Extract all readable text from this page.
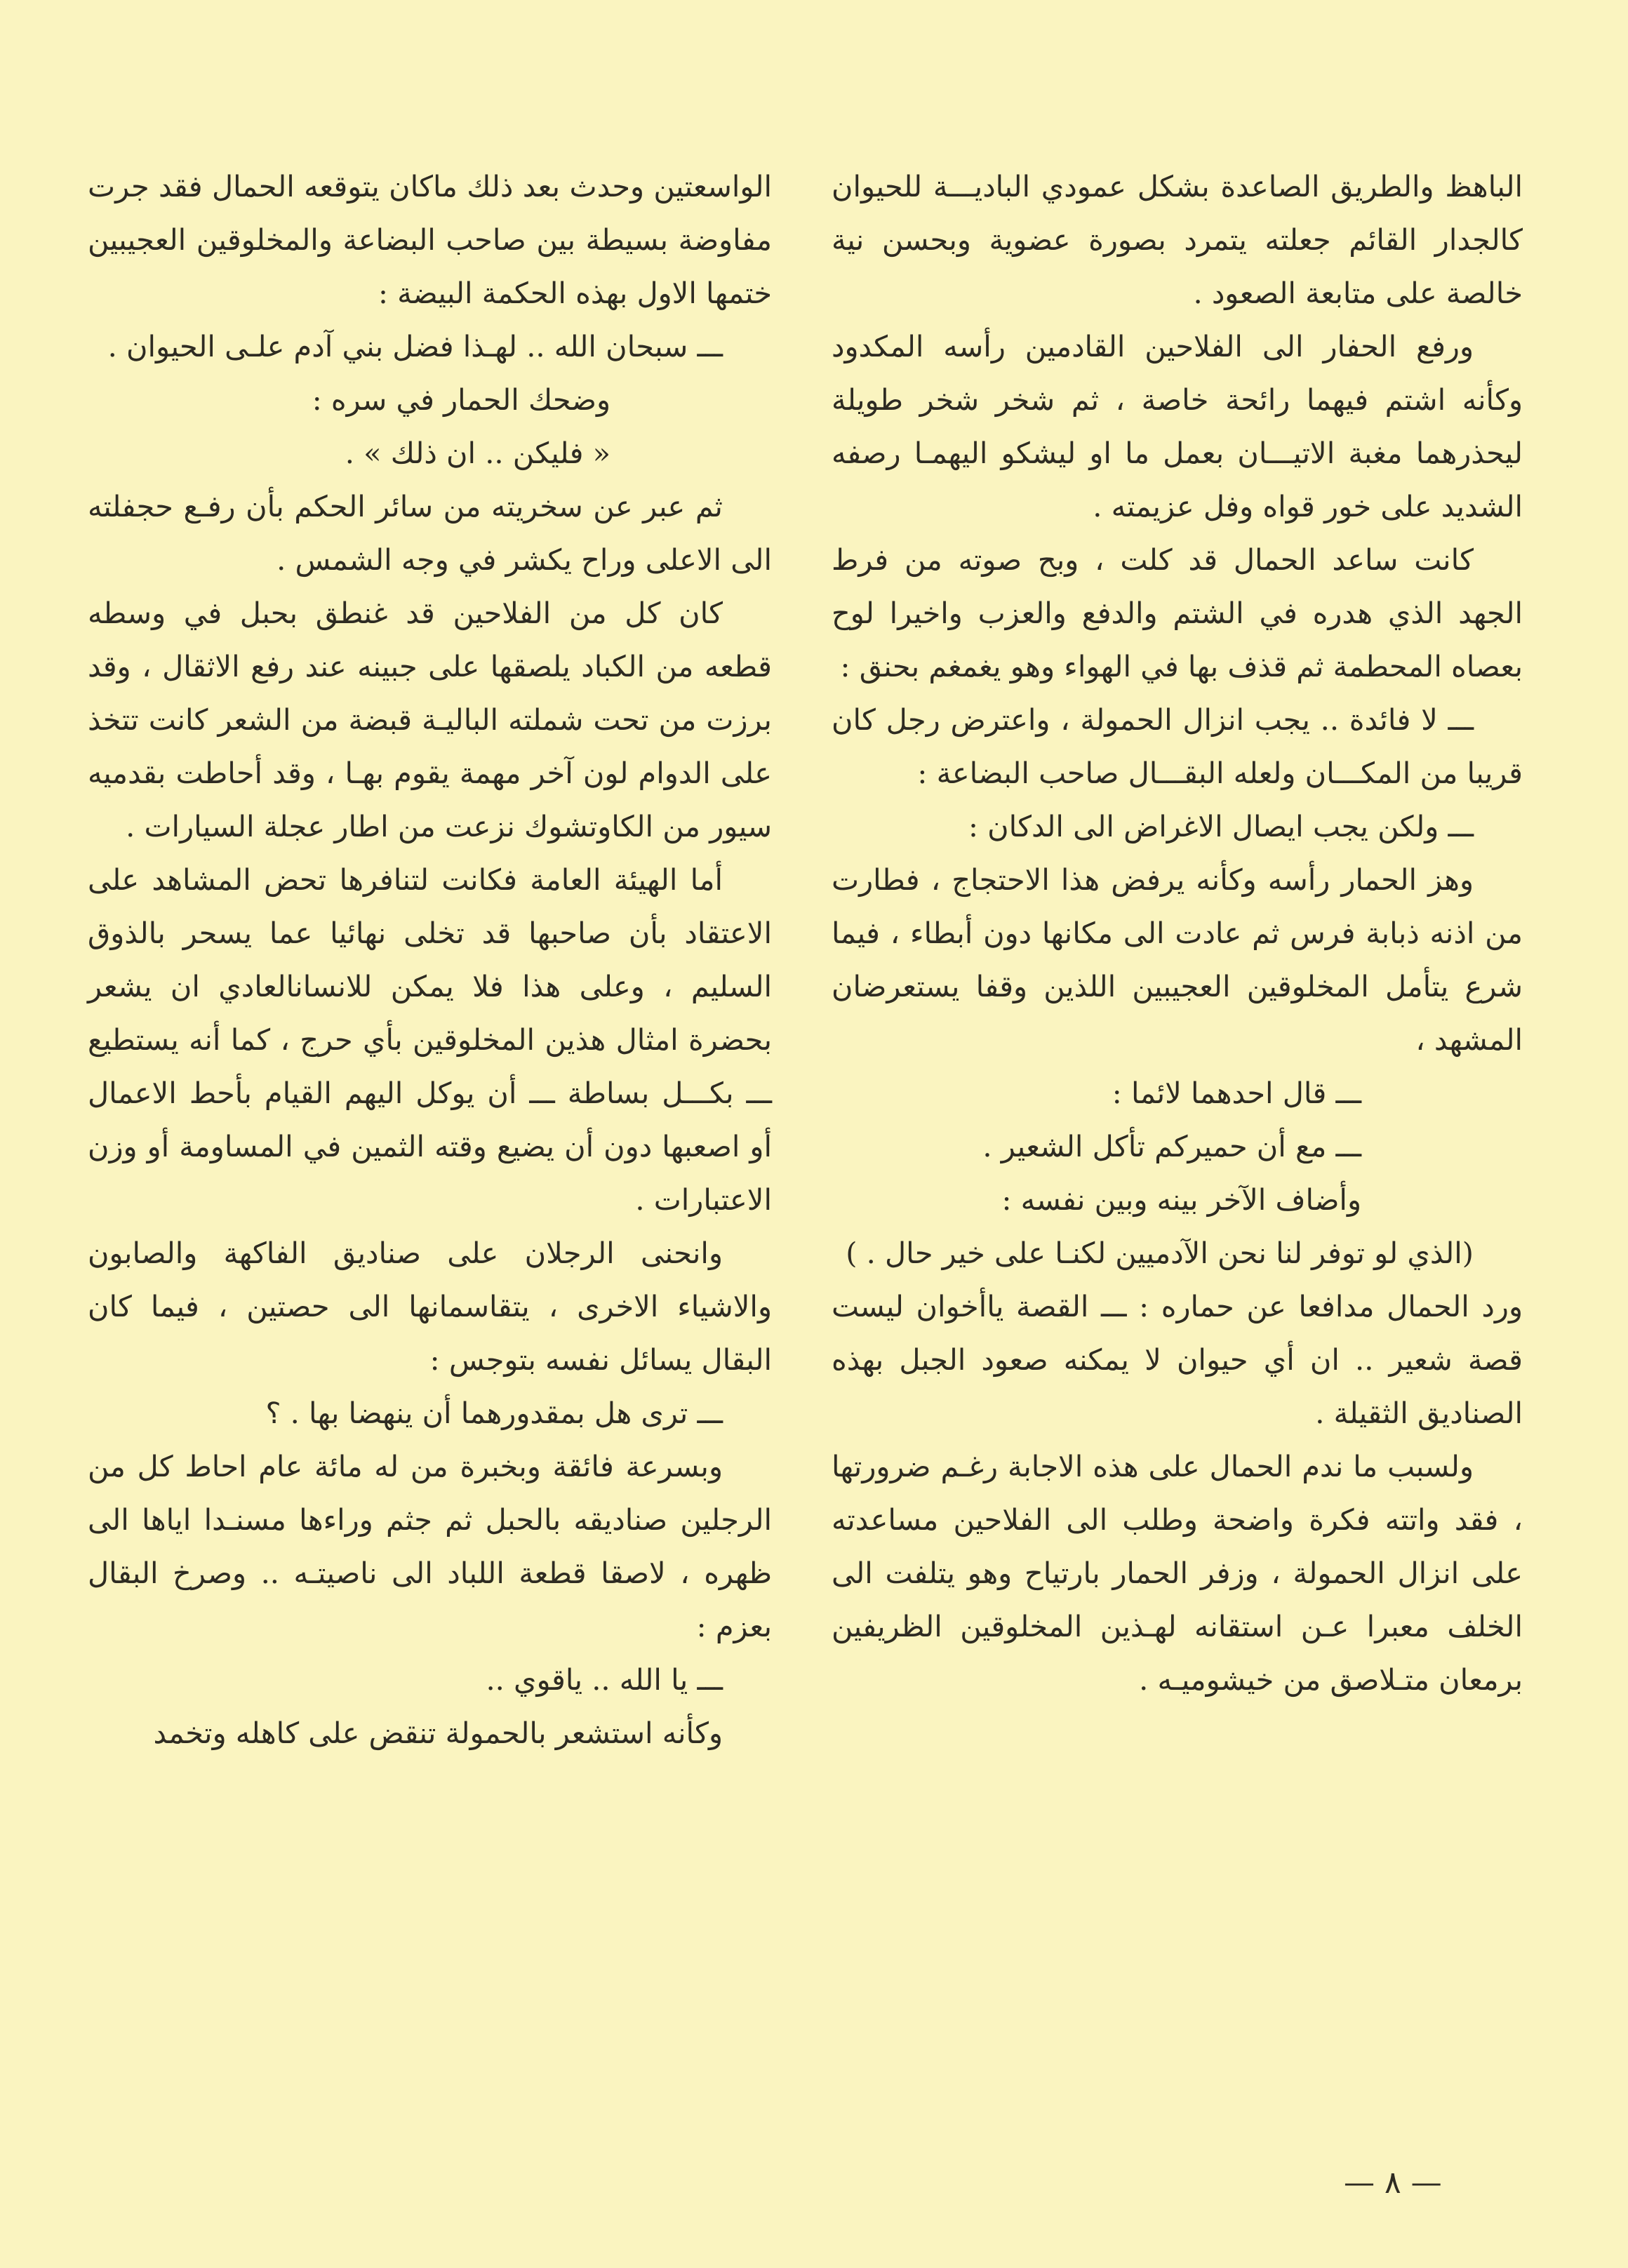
الباهظ والطريق الصاعدة بشكل عمودي الباديـــة للحيوان كالجدار القائم جعلته يتمرد بصورة عضوية وبحسن نية خالصة على متابعة الصعود .

ورفع الحفار الى الفلاحين القادمين رأسه المكدود وكأنه اشتم فيهما رائحة خاصة ، ثم شخر شخر طويلة ليحذرهما مغبة الاتيـــان بعمل ما او ليشكو اليهمـا رصفه الشديد على خور قواه وفل عزيمته .

كانت ساعد الحمال قد كلت ، وبح صوته من فرط الجهد الذي هدره في الشتم والدفع والعزب واخيرا لوح بعصاه المحطمة ثم قذف بها في الهواء وهو يغمغم بحنق :

ـــ لا فائدة .. يجب انزال الحمولة ، واعترض رجل كان قريبا من المكـــان ولعله البقـــال صاحب البضاعة :

ـــ ولكن يجب ايصال الاغراض الى الدكان :

وهز الحمار رأسه وكأنه يرفض هذا الاحتجاج ، فطارت من اذنه ذبابة فرس ثم عادت الى مكانها دون أبطاء ، فيما شرع يتأمل المخلوقين العجيبين اللذين وقفا يستعرضان المشهد ،

ـــ قال احدهما لائما :

ـــ مع أن حميركم تأكل الشعير .

وأضاف الآخر بينه وبين نفسه :

(الذي لو توفر لنا نحن الآدميين لكنـا على خير حال . )

ورد الحمال مدافعا عن حماره : ـــ القصة ياأخوان ليست قصة شعير .. ان أي حيوان لا يمكنه صعود الجبل بهذه الصناديق الثقيلة .

ولسبب ما ندم الحمال على هذه الاجابة رغـم ضرورتها ، فقد واتته فكرة واضحة وطلب الى الفلاحين مساعدته على انزال الحمولة ، وزفر الحمار بارتياح وهو يتلفت الى الخلف معبرا عـن استقانه لهـذين المخلوقين الظريفين برمعان متـلاصق من خيشوميـه .

الواسعتين وحدث بعد ذلك ماكان يتوقعه الحمال فقد جرت مفاوضة بسيطة بين صاحب البضاعة والمخلوقين العجيبين ختمها الاول بهذه الحكمة البيضة :

ـــ سبحان الله .. لهـذا فضل بني آدم علـى الحيوان .

وضحك الحمار في سره :

« فليكن .. ان ذلك » .

ثم عبر عن سخريته من سائر الحكم بأن رفـع حجفلته الى الاعلى وراح يكشر في وجه الشمس .

كان كل من الفلاحين قد غنطق بحبل في وسطه قطعه من الكباد يلصقها على جبينه عند رفع الاثقال ، وقد برزت من تحت شملته الباليـة قبضة من الشعر كانت تتخذ على الدوام لون آخر مهمة يقوم بهـا ، وقد أحاطت بقدميه سيور من الكاوتشوك نزعت من اطار عجلة السيارات .

أما الهيئة العامة فكانت لتنافرها تحض المشاهد على الاعتقاد بأن صاحبها قد تخلى نهائيا عما يسحر بالذوق السليم ، وعلى هذا فلا يمكن للانسانالعادي ان يشعر بحضرة امثال هذين المخلوقين بأي حرج ، كما أنه يستطيع ـــ بكـــل بساطة ـــ أن يوكل اليهم القيام بأحط الاعمال أو اصعبها دون أن يضيع وقته الثمين في المساومة أو وزن الاعتبارات .

وانحنى الرجلان على صناديق الفاكهة والصابون والاشياء الاخرى ، يتقاسمانها الى حصتين ، فيما كان البقال يسائل نفسه بتوجس :

ـــ ترى هل بمقدورهما أن ينهضا بها . ؟

وبسرعة فائقة وبخبرة من له مائة عام احاط كل من الرجلين صناديقه بالحبل ثم جثم وراءها مسنـدا اياها الى ظهره ، لاصقا قطعة اللباد الى ناصيتـه .. وصرخ البقال بعزم :

ـــ يا الله .. ياقوي ..

وكأنه استشعر بالحمولة تنقض على كاهله وتخمد

— ٨ —
